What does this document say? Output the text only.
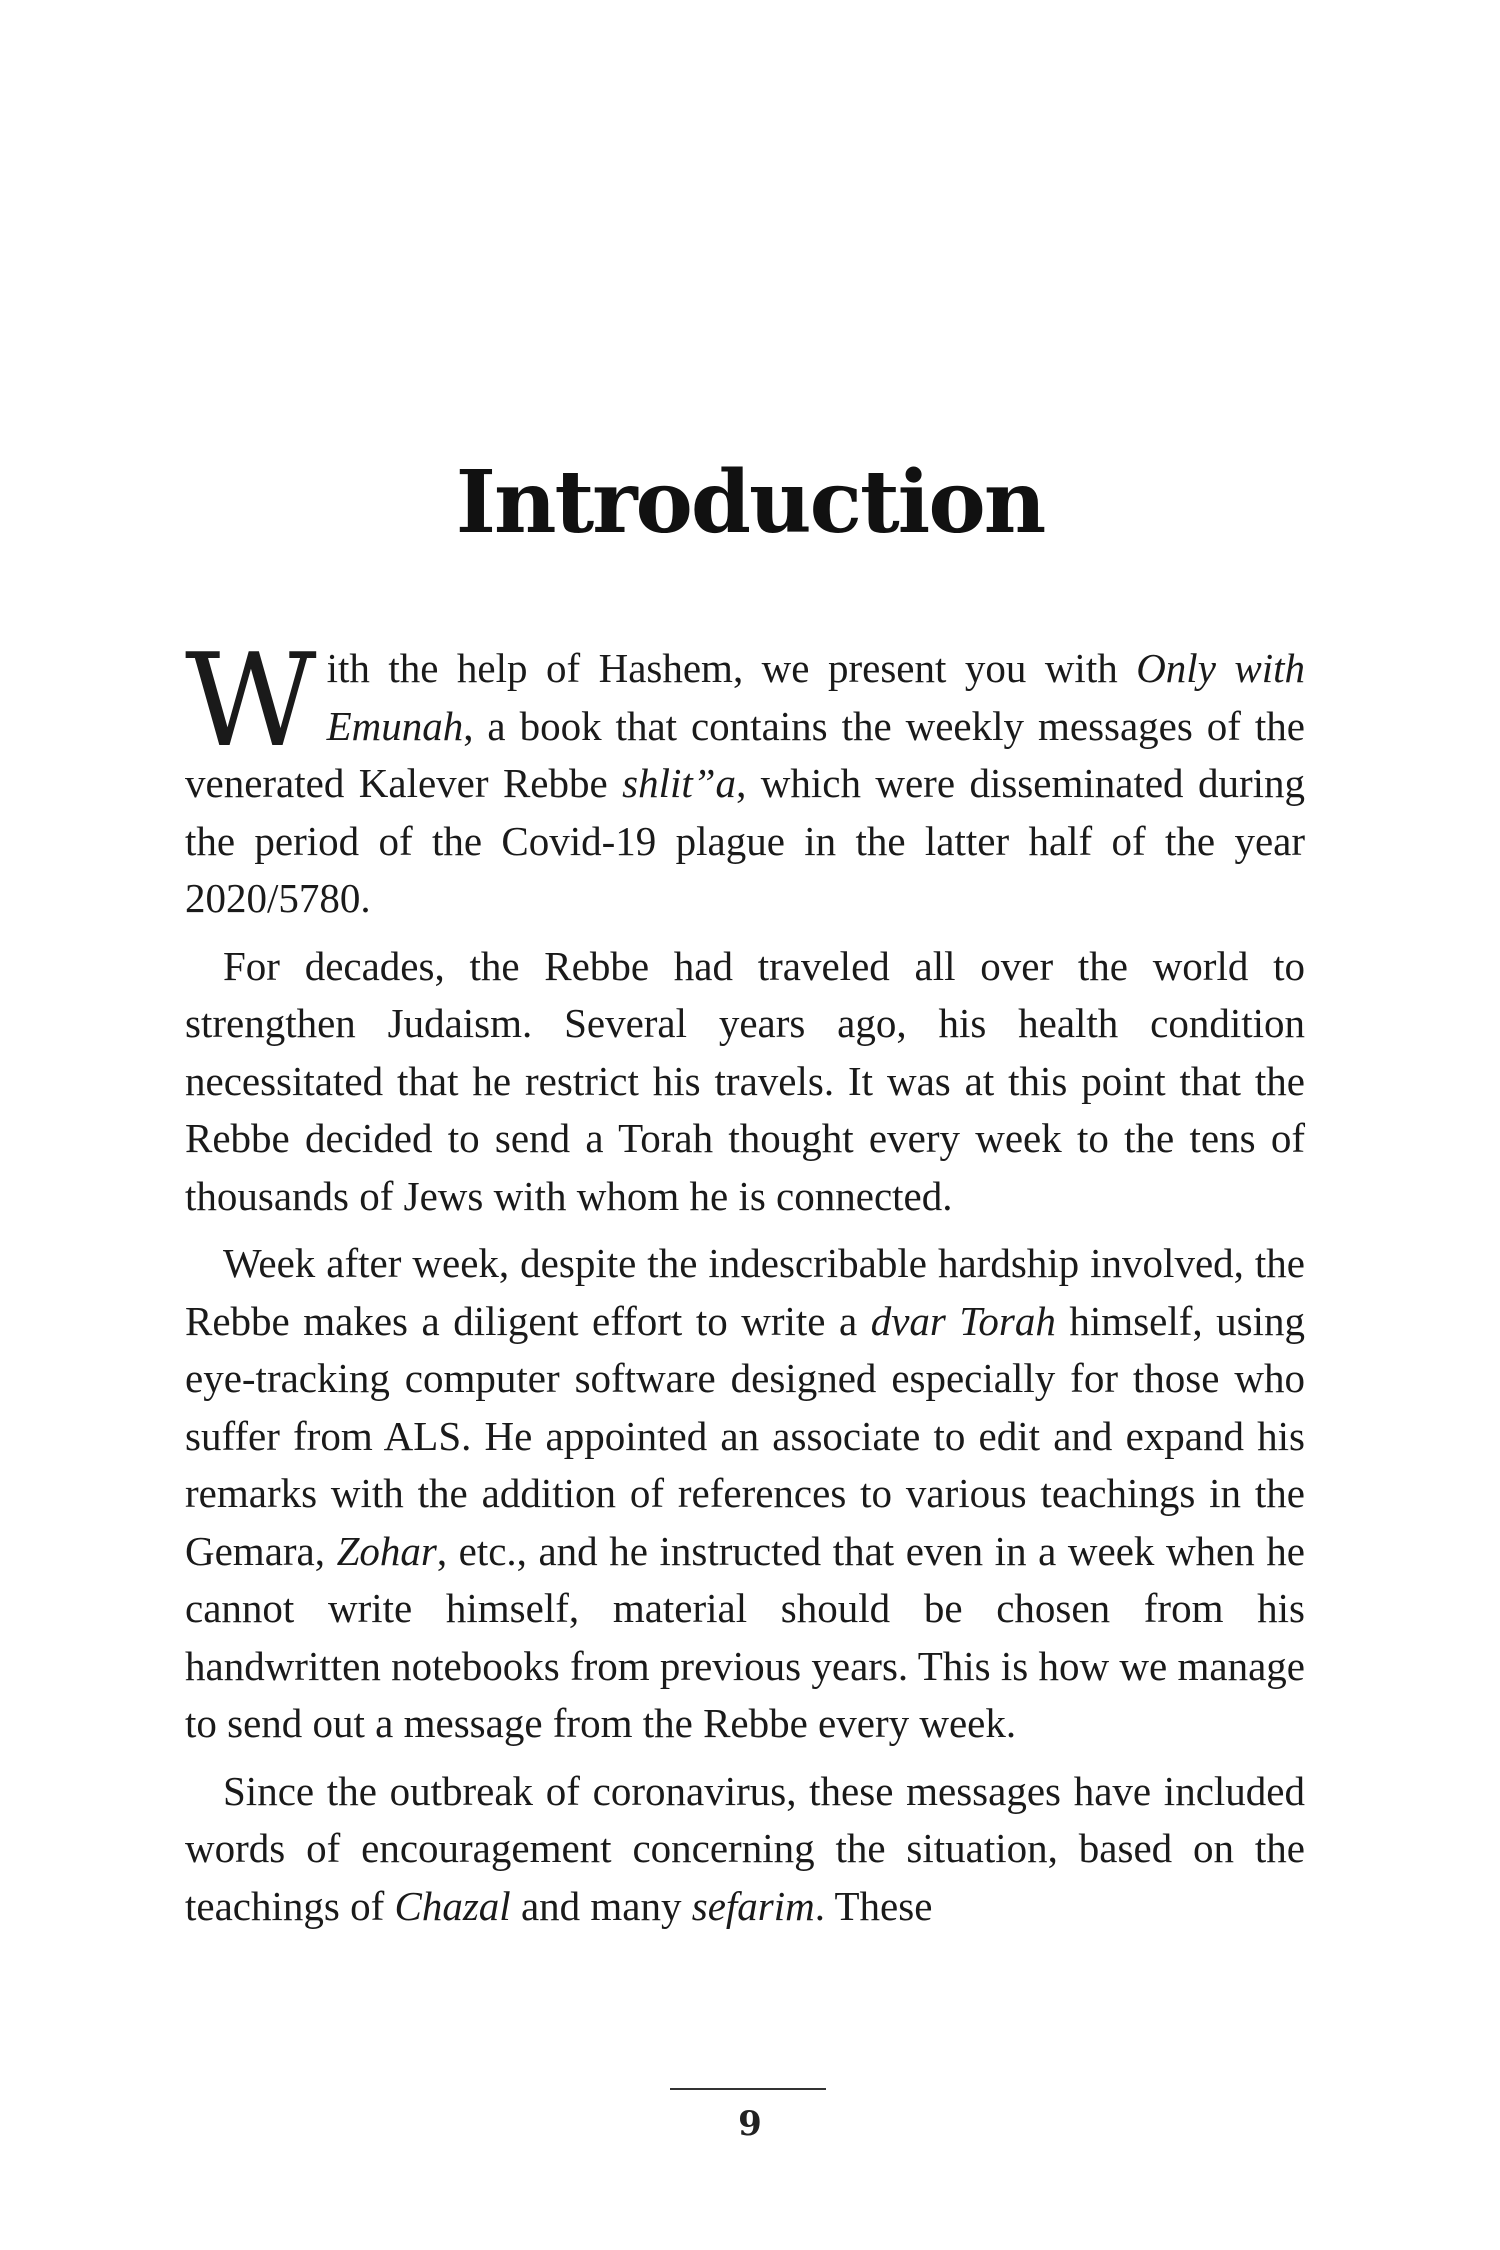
Introduction

W ith the help of Hashem, we present you with Only with Emunah, a book that contains the weekly messages of the venerated Kalever Rebbe shlit”a, which were disseminated during the period of the Covid-19 plague in the latter half of the year 2020/5780.

For decades, the Rebbe had traveled all over the world to strengthen Judaism. Several years ago, his health condition necessitated that he restrict his travels. It was at this point that the Rebbe decided to send a Torah thought every week to the tens of thousands of Jews with whom he is connected.

Week after week, despite the indescribable hardship involved, the Rebbe makes a diligent effort to write a dvar Torah himself, using eye-tracking computer software designed especially for those who suffer from ALS. He appointed an associate to edit and expand his remarks with the addition of references to various teachings in the Gemara, Zohar, etc., and he instructed that even in a week when he cannot write himself, material should be chosen from his handwritten notebooks from previous years. This is how we manage to send out a message from the Rebbe every week.

Since the outbreak of coronavirus, these messages have included words of encouragement concerning the situation, based on the teachings of Chazal and many sefarim. These

9
